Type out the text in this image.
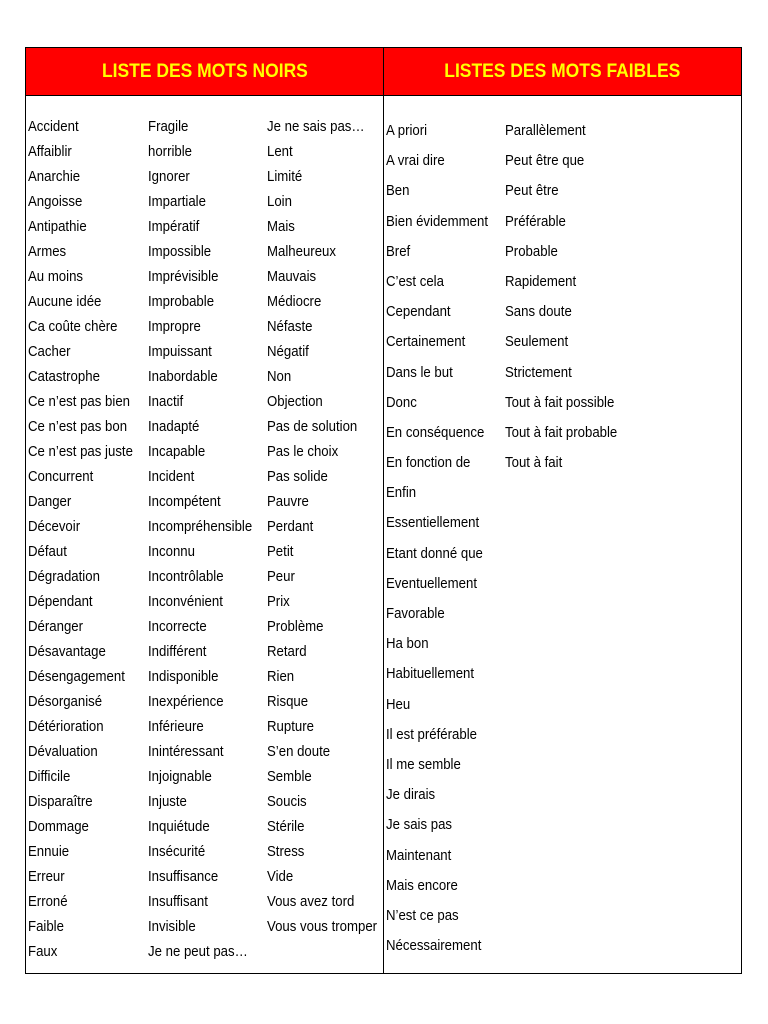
LISTE DES MOTS NOIRS	LISTES DES MOTS FAIBLES
Accident
Affaiblir
Anarchie
Angoisse
Antipathie
Armes
Au moins
Aucune idée
Ca coûte chère
Cacher
Catastrophe
Ce n’est pas bien
Ce n’est pas bon
Ce n’est pas juste
Concurrent
Danger
Décevoir
Défaut
Dégradation
Dépendant
Déranger
Désavantage
Désengagement
Désorganisé
Détérioration
Dévaluation
Difficile
Disparaître
Dommage
Ennuie
Erreur
Erroné
Faible
Faux
Fragile
horrible
Ignorer
Impartiale
Impératif
Impossible
Imprévisible
Improbable
Impropre
Impuissant
Inabordable
Inactif
Inadapté
Incapable
Incident
Incompétent
Incompréhensible
Inconnu
Incontrôlable
Inconvénient
Incorrecte
Indifférent
Indisponible
Inexpérience
Inférieure
Inintéressant
Injoignable
Injuste
Inquiétude
Insécurité
Insuffisance
Insuffisant
Invisible
Je ne peut pas…
Je ne sais pas…
Lent
Limité
Loin
Mais
Malheureux
Mauvais
Médiocre
Néfaste
Négatif
Non
Objection
Pas de solution
Pas le choix
Pas solide
Pauvre
Perdant
Petit
Peur
Prix
Problème
Retard
Rien
Risque
Rupture
S’en doute
Semble
Soucis
Stérile
Stress
Vide
Vous avez tord
Vous vous tromper
A priori
A vrai dire
Ben
Bien évidemment
Bref
C’est cela
Cependant
Certainement
Dans le but
Donc
En conséquence
En fonction de
Enfin
Essentiellement
Etant donné que
Eventuellement
Favorable
Ha bon
Habituellement
Heu
Il est préférable
Il me semble
Je dirais
Je sais pas
Maintenant
Mais encore
N’est ce pas
Nécessairement
Parallèlement
Peut être que
Peut être
Préférable
Probable
Rapidement
Sans doute
Seulement
Strictement
Tout à fait possible
Tout à fait probable
Tout à fait
